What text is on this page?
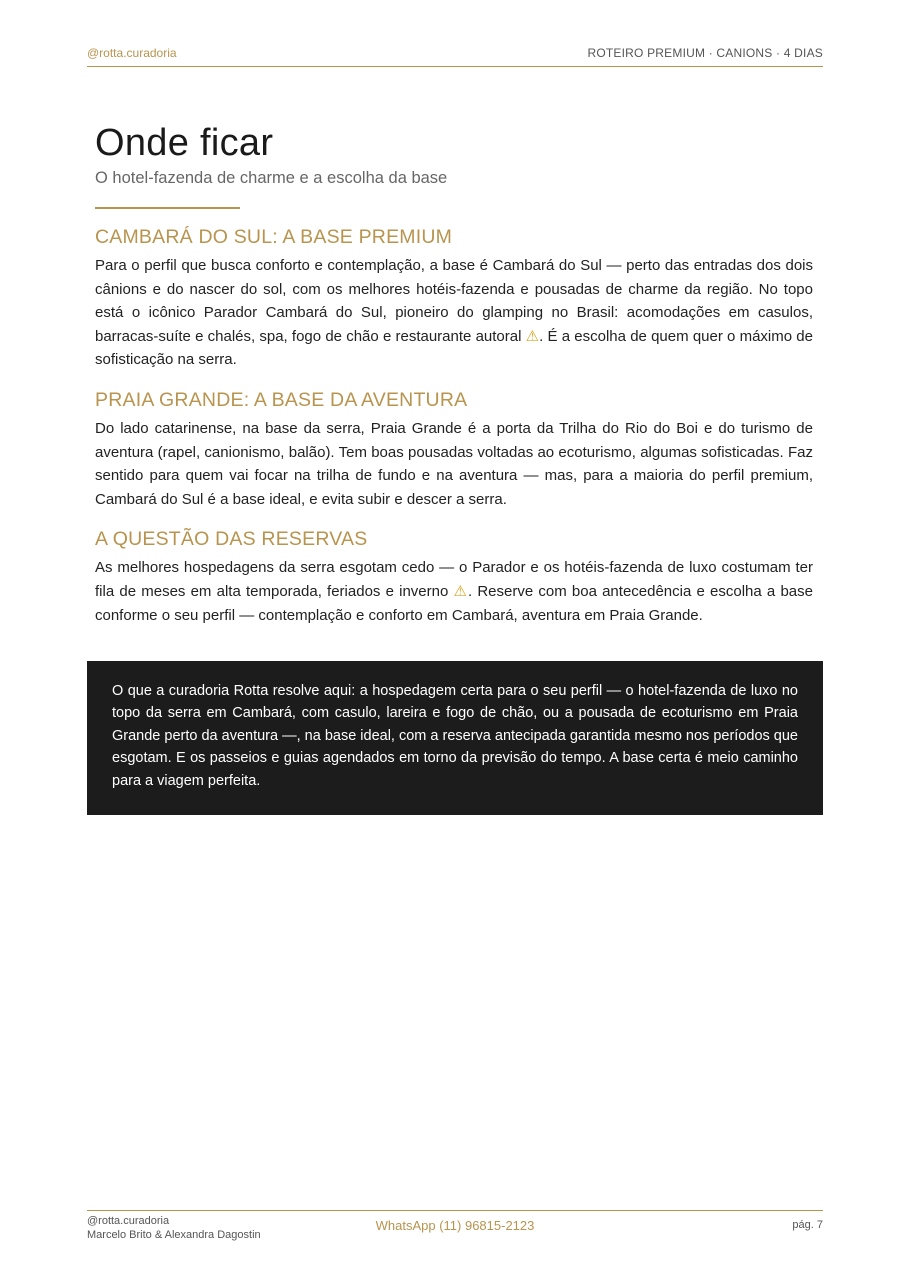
@rotta.curadoria	ROTEIRO PREMIUM · CANIONS · 4 DIAS
Onde ficar
O hotel-fazenda de charme e a escolha da base
CAMBARÁ DO SUL: A BASE PREMIUM

Para o perfil que busca conforto e contemplação, a base é Cambará do Sul — perto das entradas dos dois cânions e do nascer do sol, com os melhores hotéis-fazenda e pousadas de charme da região. No topo está o icônico Parador Cambará do Sul, pioneiro do glamping no Brasil: acomodações em casulos, barracas-suíte e chalés, spa, fogo de chão e restaurante autoral ⚠. É a escolha de quem quer o máximo de sofisticação na serra.

PRAIA GRANDE: A BASE DA AVENTURA

Do lado catarinense, na base da serra, Praia Grande é a porta da Trilha do Rio do Boi e do turismo de aventura (rapel, canionismo, balão). Tem boas pousadas voltadas ao ecoturismo, algumas sofisticadas. Faz sentido para quem vai focar na trilha de fundo e na aventura — mas, para a maioria do perfil premium, Cambará do Sul é a base ideal, e evita subir e descer a serra.

A QUESTÃO DAS RESERVAS

As melhores hospedagens da serra esgotam cedo — o Parador e os hotéis-fazenda de luxo costumam ter fila de meses em alta temporada, feriados e inverno ⚠. Reserve com boa antecedência e escolha a base conforme o seu perfil — contemplação e conforto em Cambará, aventura em Praia Grande.

O que a curadoria Rotta resolve aqui: a hospedagem certa para o seu perfil — o hotel-fazenda de luxo no topo da serra em Cambará, com casulo, lareira e fogo de chão, ou a pousada de ecoturismo em Praia Grande perto da aventura —, na base ideal, com a reserva antecipada garantida mesmo nos períodos que esgotam. E os passeios e guias agendados em torno da previsão do tempo. A base certa é meio caminho para a viagem perfeita.

@rotta.curadoria
Marcelo Brito & Alexandra Dagostin
WhatsApp (11) 96815-2123	pág. 7
